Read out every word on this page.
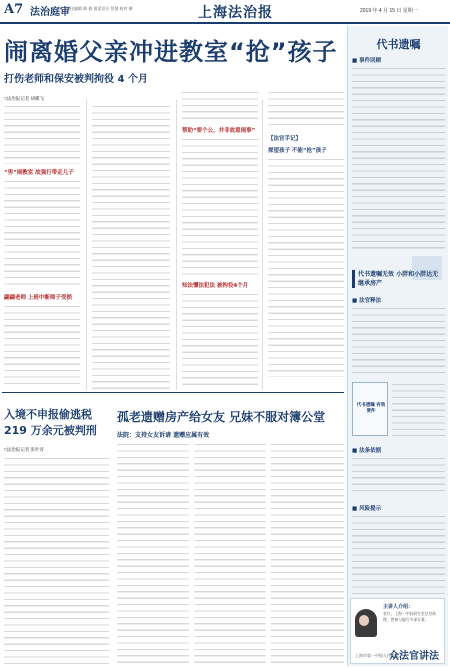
A7 法治庭审
责任编辑 师 倩 视觉设计 蔡茜 校对 柳	上海法治报	2019 年 4 月 15 日 星期一
闹离婚父亲冲进教室“抢”孩子
打伤老师和保安被判拘役 4 个月
□法治报记者 胡蝶飞
“男”闹教室 故强行带走儿子
翩翩老师 上班中断师子受损
帮助“要个公，并非故意闹事”
知法懂法犯法 被拘役4个月
【法官手记】
探望孩子 不能“抢”孩子
入境不申报偷逃税
219 万余元被判刑
□法治报记者 张叶青
孤老遗赠房产给女友 兄妹不服对簿公堂
法院：支持女友诉请 遗赠应属有效
代书遗嘱
■ 事件回顾
代书遗嘱无效 小胖和小胖达无继承房产
■ 法官释法
代书遗嘱 有效要件
■ 法条依据
■ 风险提示
主讲人介绍：
张红，上海一中院研究室法官助理，曾参与编写多部专著。
上海市第一中级人民法院
众法官讲法
